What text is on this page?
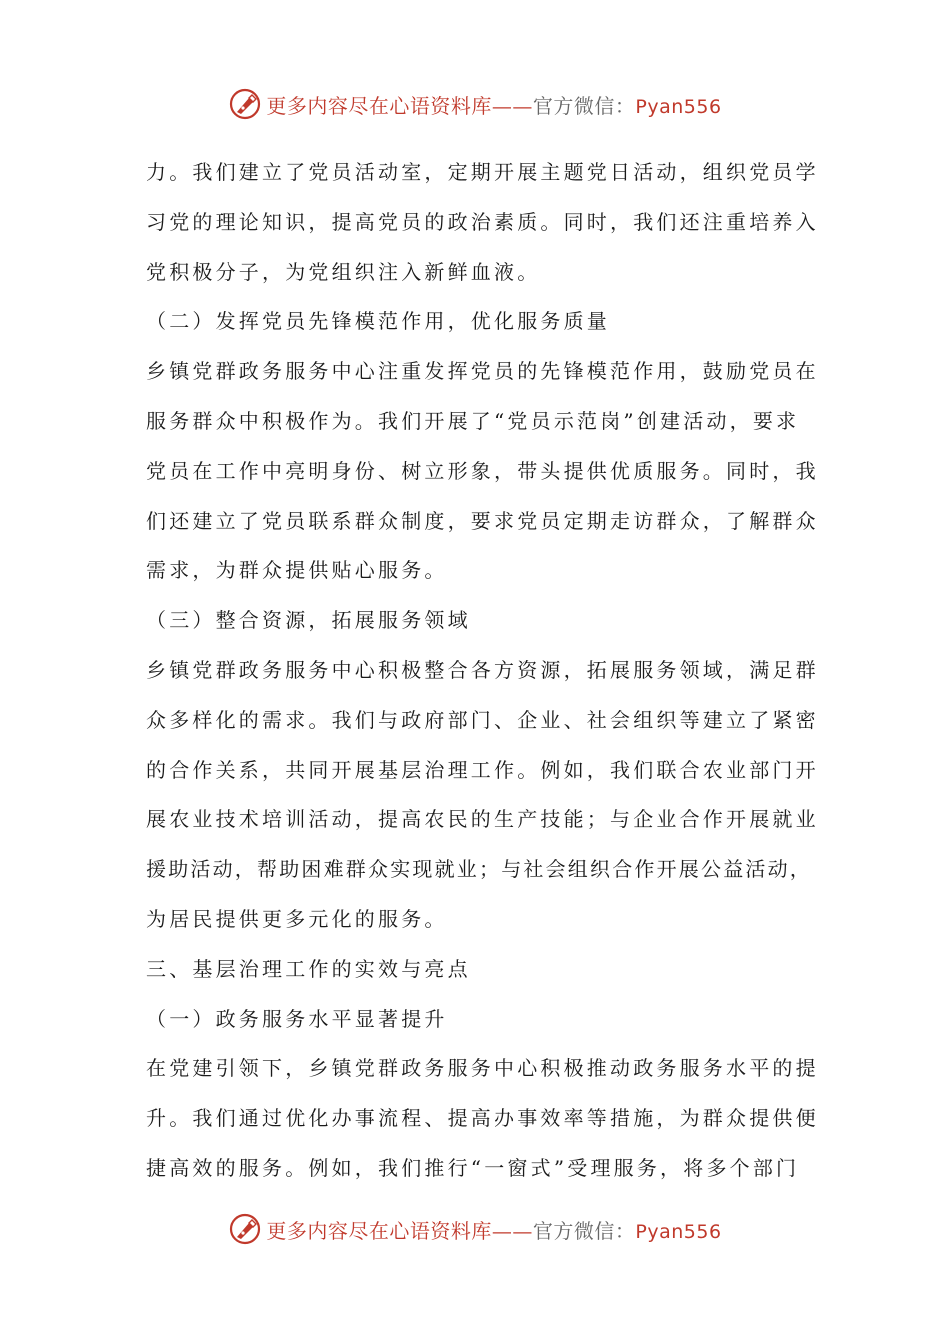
更多内容尽在心语资料库——官方微信：Pyan556
力。我们建立了党员活动室，定期开展主题党日活动，组织党员学
习党的理论知识，提高党员的政治素质。同时，我们还注重培养入
党积极分子，为党组织注入新鲜血液。
（二）发挥党员先锋模范作用，优化服务质量
乡镇党群政务服务中心注重发挥党员的先锋模范作用，鼓励党员在
服务群众中积极作为。我们开展了“党员示范岗”创建活动，要求
党员在工作中亮明身份、树立形象，带头提供优质服务。同时，我
们还建立了党员联系群众制度，要求党员定期走访群众，了解群众
需求，为群众提供贴心服务。
（三）整合资源，拓展服务领域
乡镇党群政务服务中心积极整合各方资源，拓展服务领域，满足群
众多样化的需求。我们与政府部门、企业、社会组织等建立了紧密
的合作关系，共同开展基层治理工作。例如，我们联合农业部门开
展农业技术培训活动，提高农民的生产技能；与企业合作开展就业
援助活动，帮助困难群众实现就业；与社会组织合作开展公益活动，
为居民提供更多元化的服务。
三、基层治理工作的实效与亮点
（一）政务服务水平显著提升
在党建引领下，乡镇党群政务服务中心积极推动政务服务水平的提
升。我们通过优化办事流程、提高办事效率等措施，为群众提供便
捷高效的服务。例如，我们推行“一窗式”受理服务，将多个部门
更多内容尽在心语资料库——官方微信：Pyan556
